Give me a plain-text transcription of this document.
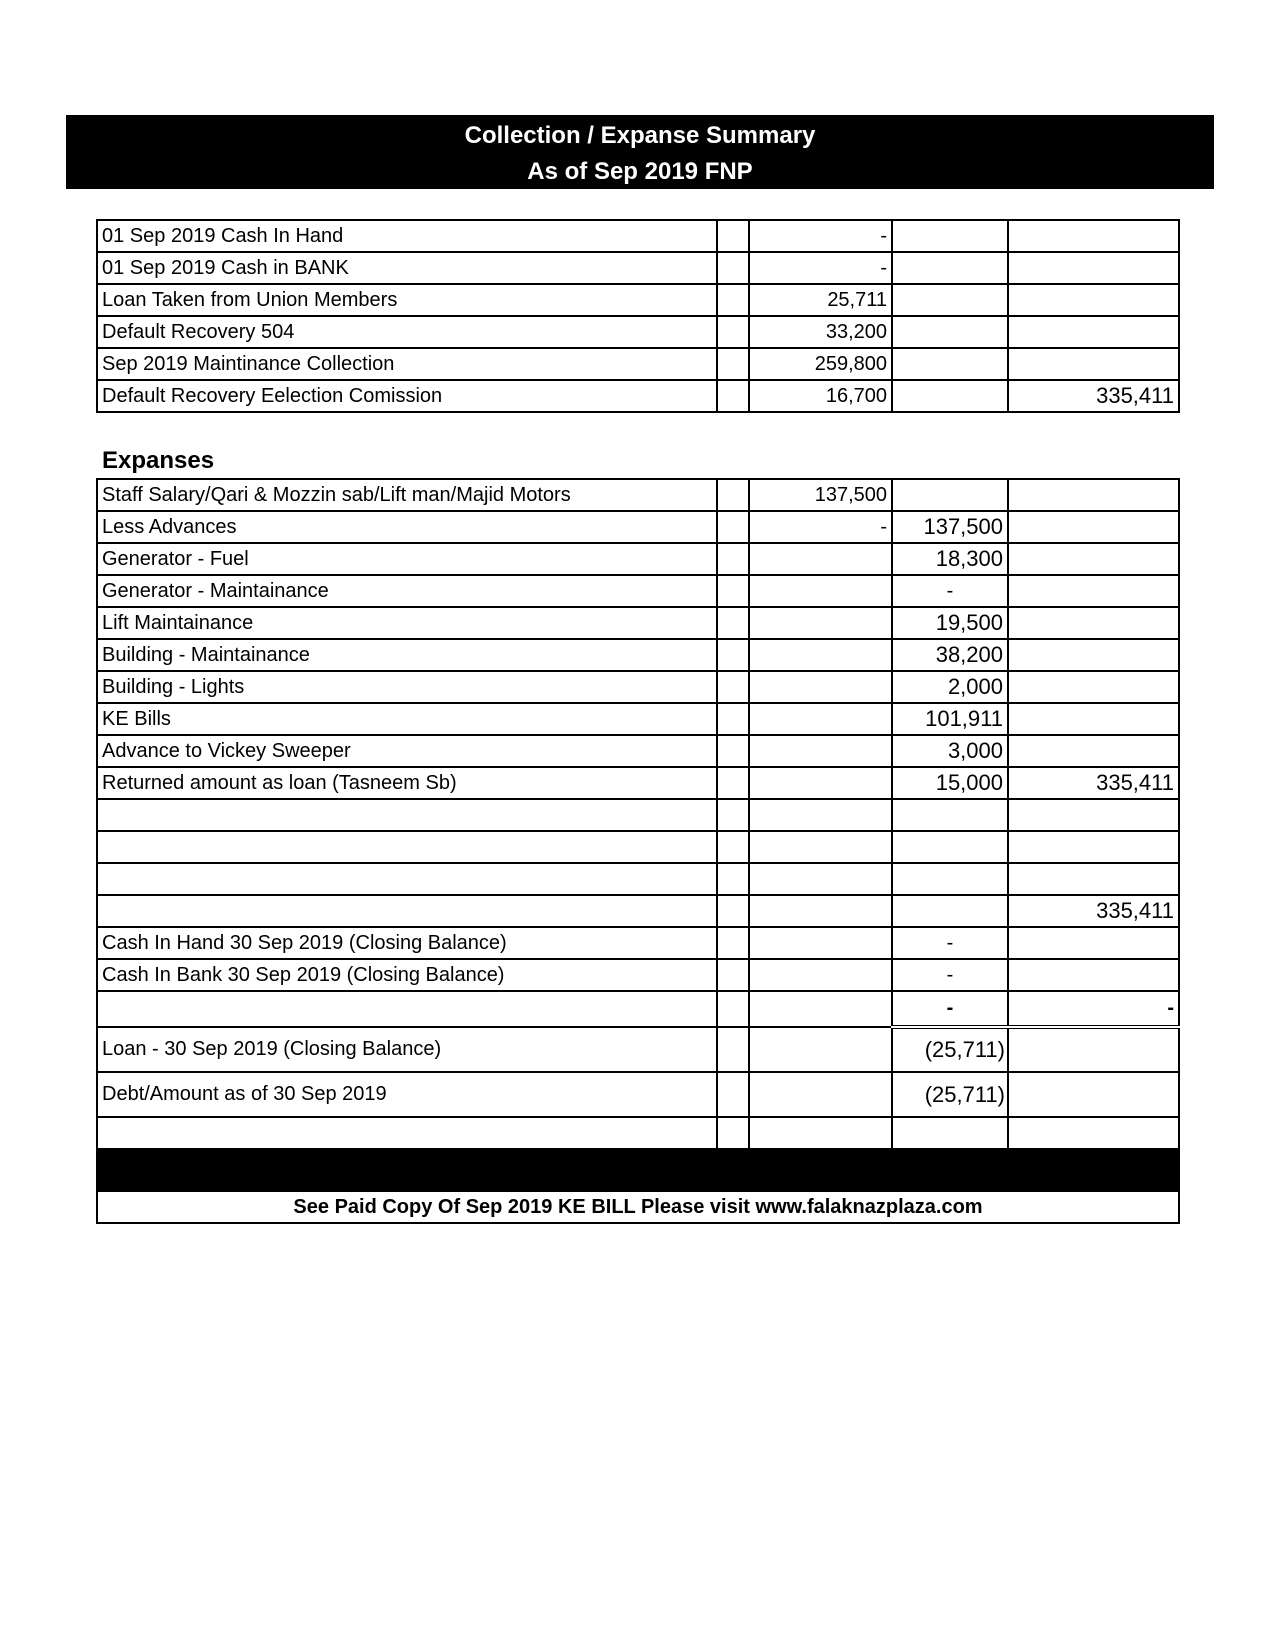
Collection / Expanse Summary
As of Sep 2019 FNP
01 Sep 2019 Cash In Hand		-		
01 Sep 2019 Cash in BANK		-		
Loan Taken from Union Members		25,711		
Default Recovery 504		33,200		
Sep 2019 Maintinance Collection		259,800		
Default Recovery Eelection Comission		16,700		335,411
Expanses
Staff Salary/Qari & Mozzin sab/Lift man/Majid Motors		137,500		
Less Advances		-	137,500	
Generator - Fuel			18,300	
Generator - Maintainance			-	
Lift Maintainance			19,500	
Building - Maintainance			38,200	
Building - Lights			2,000	
KE Bills			101,911	
Advance to Vickey Sweeper			3,000	
Returned amount as loan (Tasneem Sb)			15,000	335,411

				335,411
Cash In Hand 30 Sep 2019 (Closing Balance)			-	
Cash In Bank 30 Sep 2019 (Closing Balance)			-	
			-	-
Loan - 30 Sep 2019 (Closing Balance)			(25,711)	
Debt/Amount as of 30 Sep 2019			(25,711)	

See Paid Copy Of Sep 2019 KE BILL Please visit www.falaknazplaza.com				
